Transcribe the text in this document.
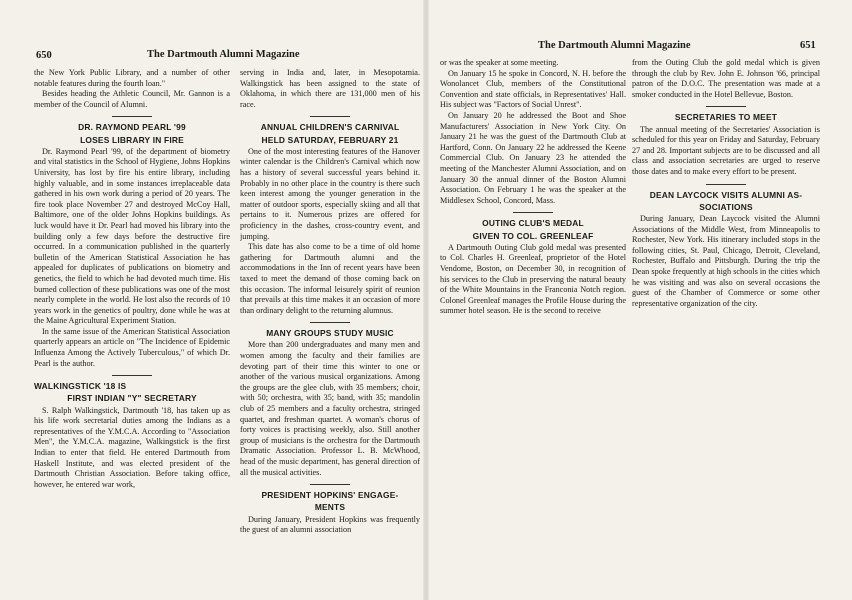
650	The Dartmouth Alumni Magazine

the New York Public Library, and a number of other notable features during the fourth loan."

Besides heading the Athletic Council, Mr. Gannon is a member of the Council of Alumni.

DR. RAYMOND PEARL '99
LOSES LIBRARY IN FIRE

Dr. Raymond Pearl '99, of the department of biometry and vital statistics in the School of Hygiene, Johns Hopkins University, has lost by fire his entire library, including highly valuable, and in some instances irreplaceable data gathered in his own work during a period of 20 years. The fire took place November 27 and destroyed McCoy Hall, Baltimore, one of the older Johns Hopkins buildings. As luck would have it Dr. Pearl had moved his library into the building only a few days before the destructive fire occurred. In a communication published in the quarterly bulletin of the American Statistical Association he has appealed for duplicates of publications on biometry and genetics, the field to which he had devoted much time. His burned collection of these publications was one of the most nearly complete in the world. He lost also the records of 10 years work in the genetics of poultry, done while he was at the Maine Agricultural Experiment Station.

In the same issue of the American Statistical Association quarterly appears an article on "The Incidence of Epidemic Influenza Among the Actively Tuberculous," of which Dr. Pearl is the author.

WALKINGSTICK '18 IS
FIRST INDIAN "Y" SECRETARY

S. Ralph Walkingstick, Dartmouth '18, has taken up as his life work secretarial duties among the Indians as a representatives of the Y.M.C.A. According to "Association Men", the Y.M.C.A. magazine, Walkingstick is the first Indian to enter that field. He entered Dartmouth from Haskell Institute, and was elected president of the Dartmouth Christian Association. Before taking office, however, he entered war work,

serving in India and, later, in Mesopotamia. Walkingstick has been assigned to the state of Oklahoma, in which there are 131,000 men of his race.

ANNUAL CHILDREN'S CARNIVAL
HELD SATURDAY, FEBRUARY 21

One of the most interesting features of the Hanover winter calendar is the Children's Carnival which now has a history of several successful years behind it. Probably in no other place in the country is there such keen interest among the younger generation in the matter of outdoor sports, especially skiing and all that pertains to it. Numerous prizes are offered for proficiency in the dashes, cross-country event, and jumping.

This date has also come to be a time of old home gathering for Dartmouth alumni and the accommodations in the Inn of recent years have been taxed to meet the demand of those coming back on this occasion. The informal leisurely spirit of reunion that prevails at this time makes it an occasion of more than ordinary delight to the returning alumnus.

MANY GROUPS STUDY MUSIC

More than 200 undergraduates and many men and women among the faculty and their families are devoting part of their time this winter to one or another of the various musical organizations. Among the groups are the glee club, with 35 members; choir, with 50; orchestra, with 35; band, with 35; mandolin club of 25 members and a faculty orchestra, stringed quartet, and freshman quartet. A woman's chorus of forty voices is practising weekly, also. Still another group of musicians is the orchestra for the Dartmouth Dramatic Association. Professor L. B. McWhood, head of the music department, has general direction of all the musical activities.

PRESIDENT HOPKINS' ENGAGE-
MENTS

During January, President Hopkins was frequently the guest of an alumni association

The Dartmouth Alumni Magazine	651

or was the speaker at some meeting.

On January 15 he spoke in Concord, N. H. before the Wonolancet Club, members of the Constitutional Convention and state officials, in Representatives' Hall. His subject was "Factors of Social Unrest".

On January 20 he addressed the Boot and Shoe Manufacturers' Association in New York City. On January 21 he was the guest of the Dartmouth Club at Hartford, Conn. On January 22 he addressed the Keene Commercial Club. On January 23 he attended the meeting of the Manchester Alumni Association, and on January 30 the annual dinner of the Boston Alumni Association. On February 1 he was the speaker at the Middlesex School, Concord, Mass.

OUTING CLUB'S MEDAL
GIVEN TO COL. GREENLEAF

A Dartmouth Outing Club gold medal was presented to Col. Charles H. Greenleaf, proprietor of the Hotel Vendome, Boston, on December 30, in recognition of his services to the Club in preserving the natural beauty of the White Mountains in the Franconia Notch region. Colonel Greenleaf manages the Profile House during the summer hotel season. He is the second to receive

from the Outing Club the gold medal which is given through the club by Rev. John E. Johnson '66, principal patron of the D.O.C. The presentation was made at a smoker conducted in the Hotel Bellevue, Boston.

SECRETARIES TO MEET

The annual meeting of the Secretaries' Association is scheduled for this year on Friday and Saturday, February 27 and 28. Important subjects are to be discussed and all class and association secretaries are urged to reserve those dates and to make every effort to be present.

DEAN LAYCOCK VISITS ALUMNI AS-
SOCIATIONS

During January, Dean Laycock visited the Alumni Associations of the Middle West, from Minneapolis to Rochester, New York. His itinerary included stops in the following cities, St. Paul, Chicago, Detroit, Cleveland, Rochester, Buffalo and Pittsburgh. During the trip the Dean spoke frequently at high schools in the cities which he was visiting and was also on several occasions the guest of the Chamber of Commerce or some other representative organization of the city.
